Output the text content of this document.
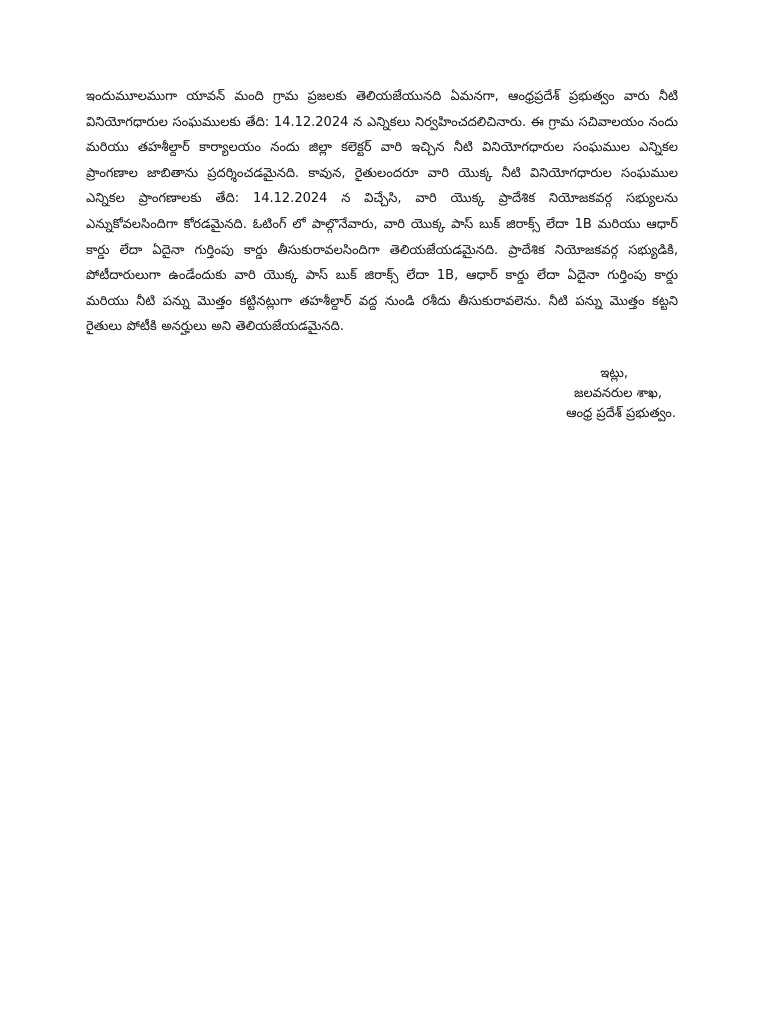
ఇందుమూలముగా యావన్ మంది గ్రామ ప్రజలకు తెలియజేయునది ఏమనగా, ఆంధ్రప్రదేశ్ ప్రభుత్వం వారు నీటి వినియోగధారుల సంఘములకు తేది: 14.12.2024 న ఎన్నికలు నిర్వహించదలిచినారు. ఈ గ్రామ సచివాలయం నందు మరియు తహశీల్దార్ కార్యాలయం నందు జిల్లా కలెక్టర్ వారి ఇచ్చిన నీటి వినియోగధారుల సంఘముల ఎన్నికల ప్రాంగణాల జాబితాను ప్రదర్శించడమైనది. కావున, రైతులందరూ వారి యొక్క నీటి వినియోగధారుల సంఘముల ఎన్నికల ప్రాంగణాలకు తేది: 14.12.2024 న విచ్చేసి, వారి యొక్క ప్రాదేశిక నియోజకవర్గ సభ్యులను ఎన్నుకోవలసిందిగా కోరడమైనది. ఓటింగ్ లో పాల్గొనేవారు, వారి యొక్క పాస్ బుక్ జిరాక్స్ లేదా 1B మరియు ఆధార్ కార్డు లేదా ఏదైనా గుర్తింపు కార్డు తీసుకురావలసిందిగా తెలియజేయడమైనది. ప్రాదేశిక నియోజకవర్గ సభ్యుడికి, పోటీదారులుగా ఉండేందుకు వారి యొక్క పాస్ బుక్ జిరాక్స్ లేదా 1B, ఆధార్ కార్డు లేదా ఏదైనా గుర్తింపు కార్డు మరియు నీటి పన్ను మొత్తం కట్టినట్లుగా తహశీల్దార్ వద్ద నుండి రశీదు తీసుకురావలెను. నీటి పన్ను మొత్తం కట్టని రైతులు పోటీకి అనర్హులు అని తెలియజేయడమైనది.

ఇట్లు,
జలవనరుల శాఖ,
ఆంధ్ర ప్రదేశ్ ప్రభుత్వం.
